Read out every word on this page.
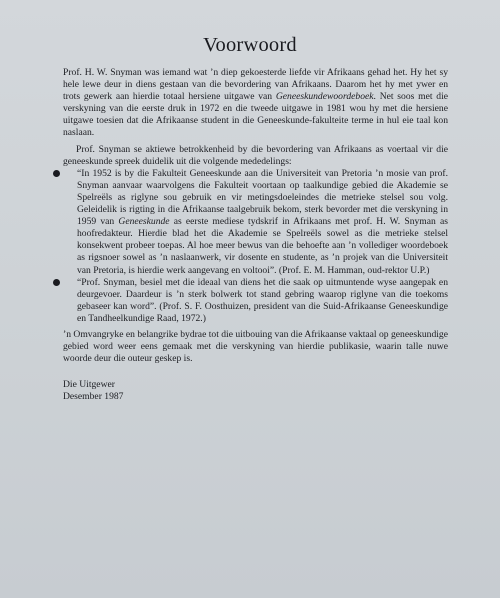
Voorwoord

Prof. H. W. Snyman was iemand wat ’n diep gekoesterde liefde vir Afrikaans gehad het. Hy het sy hele lewe deur in diens gestaan van die bevordering van Afrikaans. Daarom het hy met ywer en trots gewerk aan hierdie totaal hersiene uitgawe van Geneeskundewoordeboek. Net soos met die verskyning van die eerste druk in 1972 en die tweede uitgawe in 1981 wou hy met die hersiene uitgawe toesien dat die Afrikaanse student in die Geneeskunde-fakulteite terme in hul eie taal kon naslaan.

Prof. Snyman se aktiewe betrokkenheid by die bevordering van Afrikaans as voertaal vir die geneeskunde spreek duidelik uit die volgende mededelings:

“In 1952 is by die Fakulteit Geneeskunde aan die Universiteit van Pretoria ’n mosie van prof. Snyman aanvaar waarvolgens die Fakulteit voortaan op taalkundige gebied die Akademie se Spelreëls as riglyne sou gebruik en vir metingsdoeleindes die metrieke stelsel sou volg. Geleidelik is rigting in die Afrikaanse taalgebruik bekom, sterk bevorder met die verskyning in 1959 van Geneeskunde as eerste mediese tydskrif in Afrikaans met prof. H. W. Snyman as hoofredakteur. Hierdie blad het die Akademie se Spelreëls sowel as die metrieke stelsel konsekwent probeer toepas. Al hoe meer bewus van die behoefte aan ’n vollediger woordeboek as rigsnoer sowel as ’n naslaanwerk, vir dosente en studente, as ’n projek van die Universiteit van Pretoria, is hierdie werk aangevang en voltooi”. (Prof. E. M. Hamman, oud-rektor U.P.)

“Prof. Snyman, besiel met die ideaal van diens het die saak op uitmuntende wyse aangepak en deurgevoer. Daardeur is ’n sterk bolwerk tot stand gebring waarop riglyne van die toekoms gebaseer kan word”. (Prof. S. F. Oosthuizen, president van die Suid-Afrikaanse Geneeskundige en Tandheelkundige Raad, 1972.)

’n Omvangryke en belangrike bydrae tot die uitbouing van die Afrikaanse vaktaal op geneeskundige gebied word weer eens gemaak met die verskyning van hierdie publikasie, waarin talle nuwe woorde deur die outeur geskep is.

Die Uitgewer

Desember 1987
